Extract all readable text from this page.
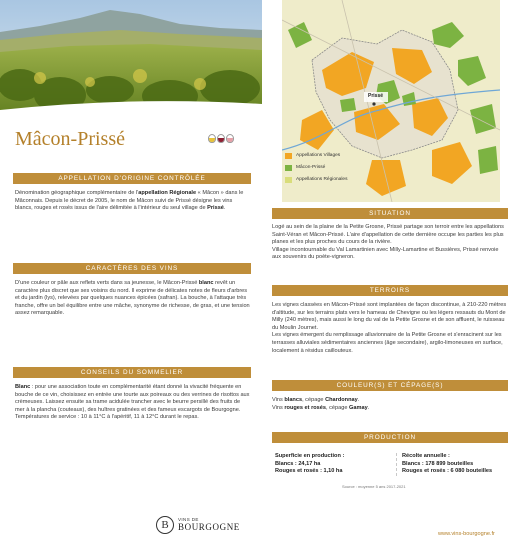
Mâcon-Prissé
APPELLATION D'ORIGINE CONTRÔLÉE
Dénomination géographique complémentaire de l'appellation Régionale « Mâcon » dans le Mâconnais. Depuis le décret de 2005, le nom de Mâcon suivi de Prissé désigne les vins blancs, rouges et rosés issus de l'aire délimitée à l'intérieur du seul village de Prissé.
CARACTÈRES DES VINS
D'une couleur or pâle aux reflets verts dans sa jeunesse, le Mâcon-Prissé blanc revêt un caractère plus discret que ses voisins du nord. Il exprime de délicates notes de fleurs d'arbres et du jardin (lys), relevées par quelques nuances épicées (safran). La bouche, à l'attaque très franche, offre un bel équilibre entre une mâche, synonyme de richesse, de gras, et une tension assez remarquable.
CONSEILS DU SOMMELIER
Blanc : pour une association toute en complémentarité étant donné la vivacité fréquente en bouche de ce vin, choisissez en entrée une tourte aux poireaux ou des verrines de risottos aux crèmeuses. Laissez ensuite sa trame acidulée trancher avec le beurre persillé des fruits de mer à la plancha (couteaux), des huîtres gratinées et des fameux escargots de Bourgogne.
Températures de service : 10 à 11°C à l'apéritif, 11 à 12°C durant le repas.
B	VINS DE
BOURGOGNE
Prissé
Appellations Villages
Mâcon-Prissé
Appellations Régionales
SITUATION
Logé au sein de la plaine de la Petite Grosne, Prissé partage son terroir entre les appellations Saint-Véran et Mâcon-Prissé. L'aire d'appellation de cette dernière occupe les parties les plus planes et les plus proches du cours de la rivière.
Village incontournable du Val Lamartinien avec Milly-Lamartine et Bussières, Prissé renvoie aux souvenirs du poète-vigneron.
TERROIRS
Les vignes classées en Mâcon-Prissé sont implantées de façon discontinue, à 210-220 mètres d'altitude, sur les terrains plats vers le hameau de Chevigne ou les légers ressauts du Mont de Milly (240 mètres), mais aussi le long du val de la Petite Grosne et de son affluent, le ruisseau du Moulin Journet.
Les vignes émergent du remplissage alluvionnaire de la Petite Grosne et s'enracinent sur les terrasses alluviales sédimentaires anciennes (âge secondaire), argilo-limoneuses en surface, localement à résidus caillouteux.
COULEUR(S) ET CÉPAGE(S)
Vins blancs, cépage Chardonnay.
Vins rouges et rosés, cépage Gamay.
PRODUCTION
Superficie en production :
Blancs : 24,17 ha
Rouges et rosés : 1,10 ha
Récolte annuelle :
Blancs : 178 899 bouteilles
Rouges et rosés : 6 080 bouteilles
Source : moyenne 5 ans 2017-2021
www.vins-bourgogne.fr
